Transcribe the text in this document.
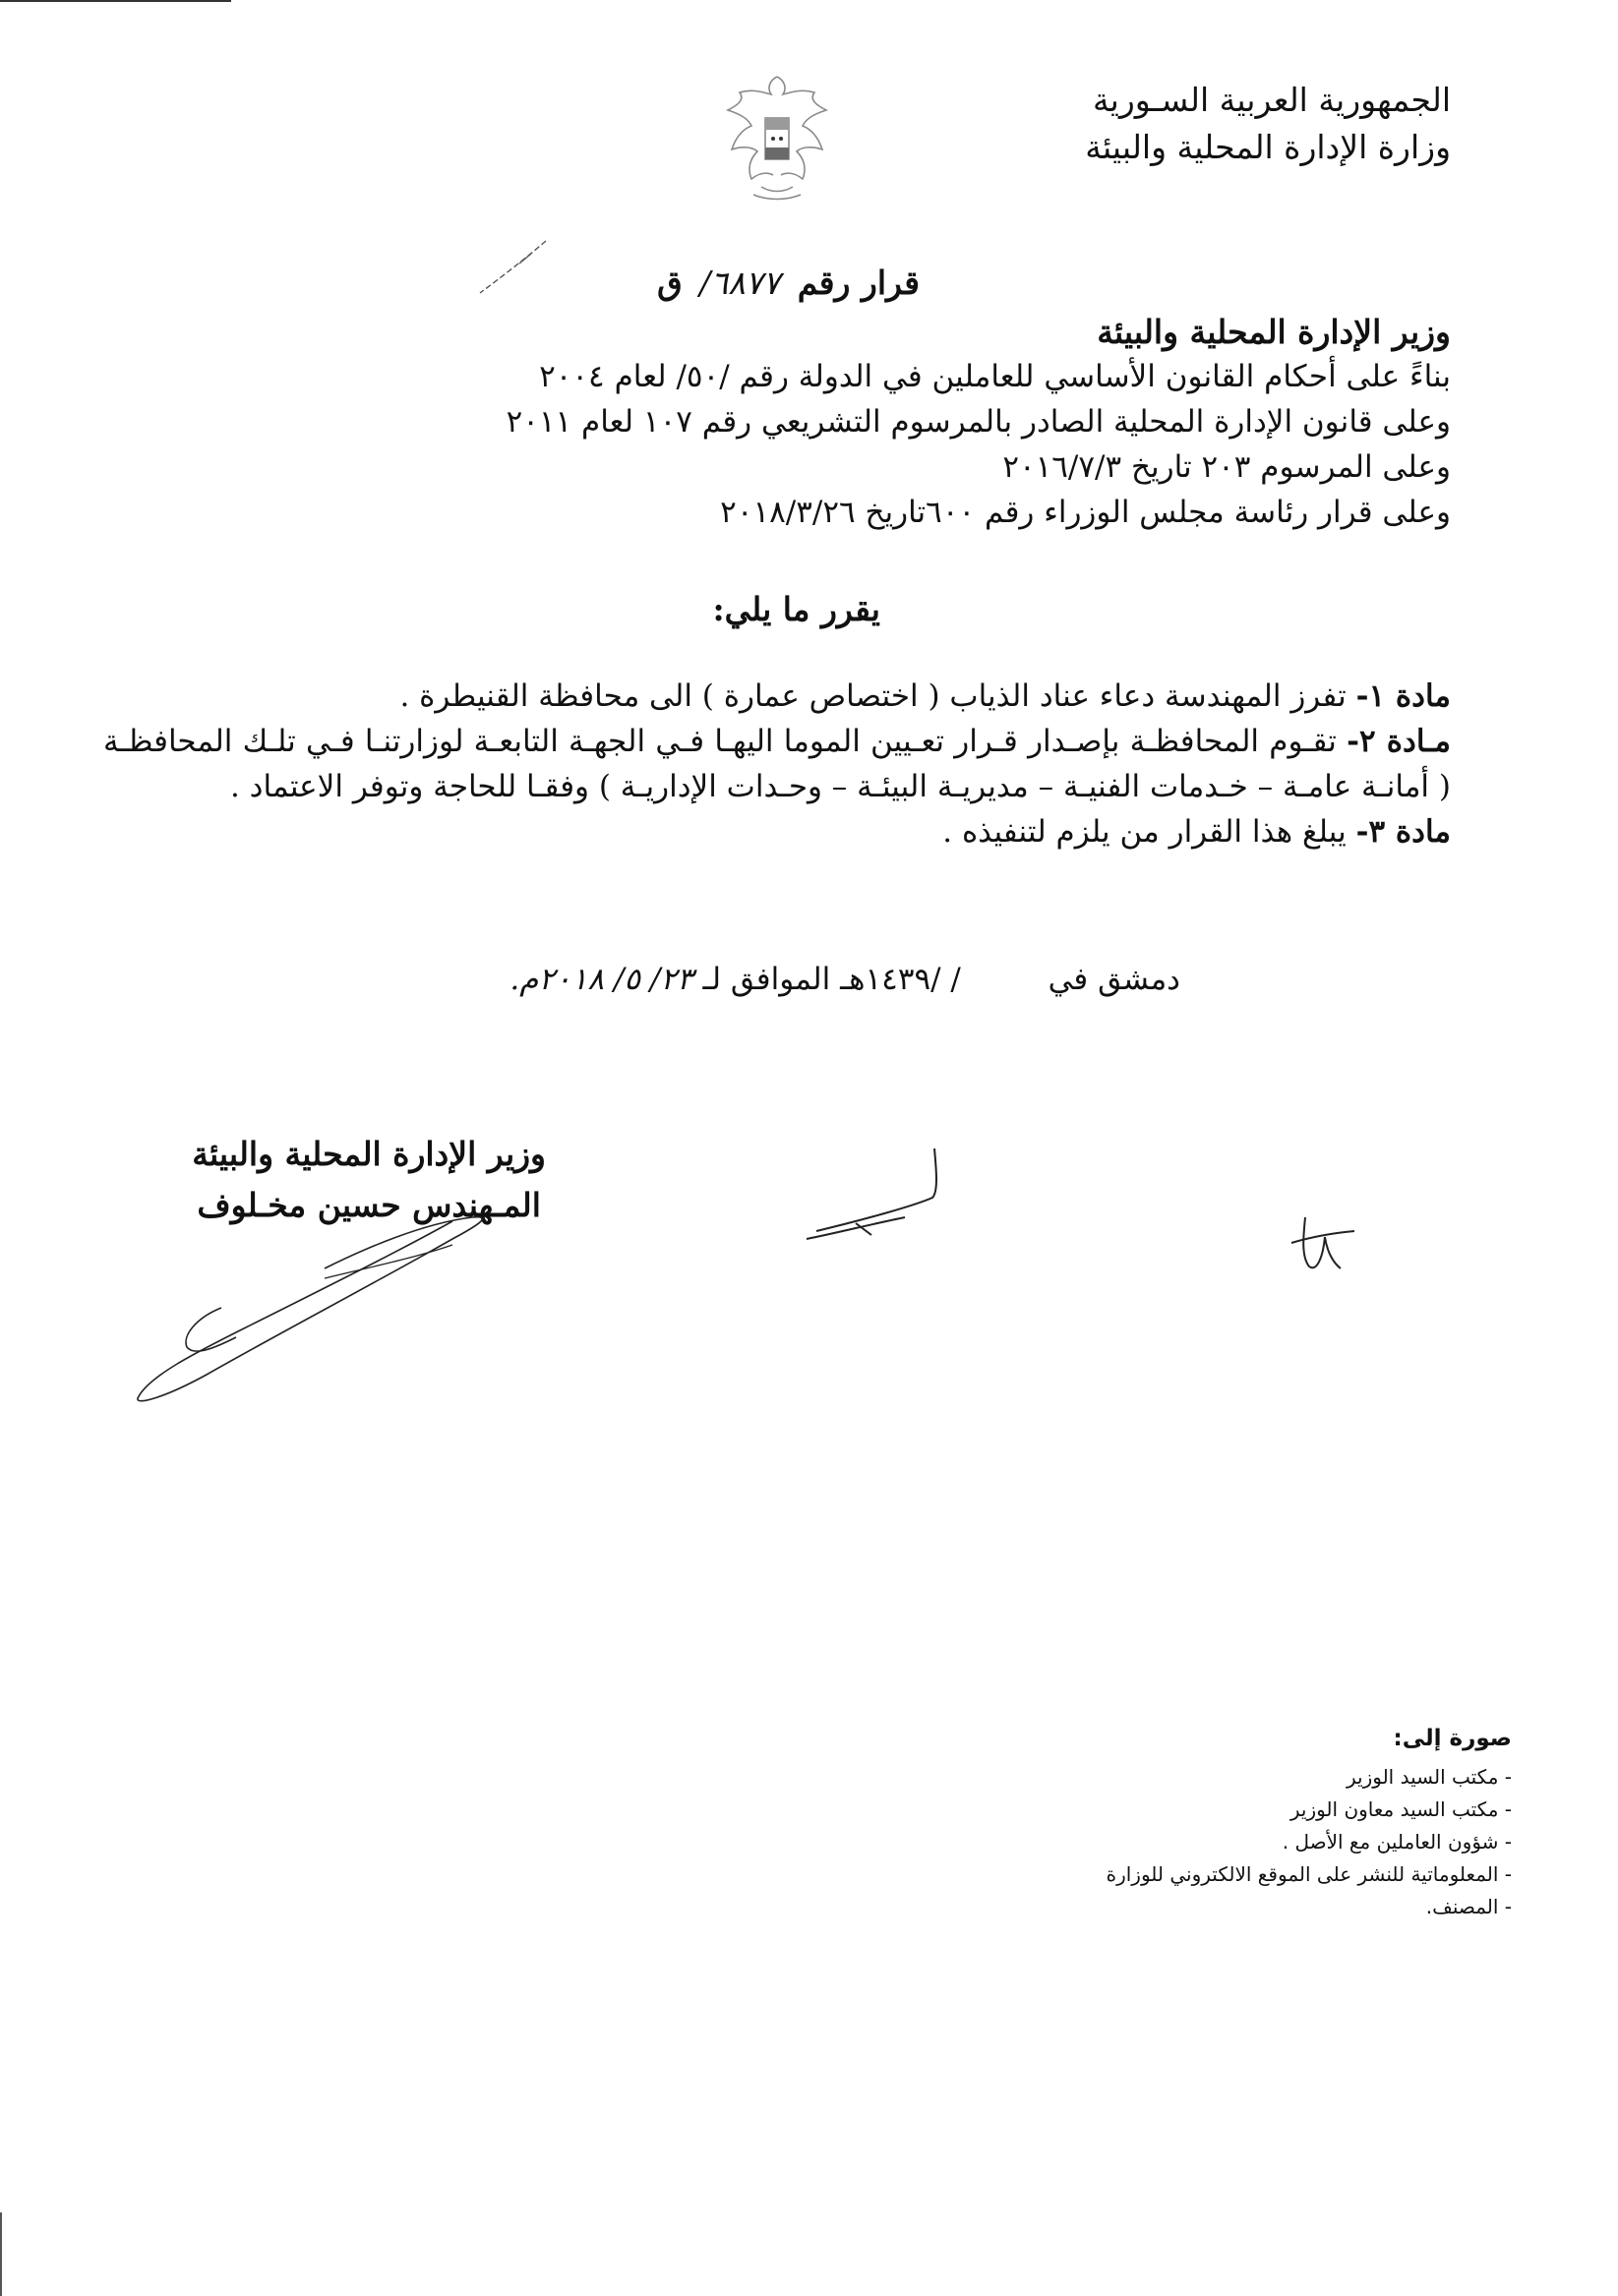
الجمهورية العربية السـورية
وزارة الإدارة المحلية والبيئة
قرار رقم ٦٨٧٧/ ق
وزير الإدارة المحلية والبيئة
بناءً على أحكام القانون الأساسي للعاملين في الدولة رقم /٥٠/ لعام ٢٠٠٤
وعلى قانون الإدارة المحلية الصادر بالمرسوم التشريعي رقم ١٠٧ لعام ٢٠١١
وعلى المرسوم ٢٠٣ تاريخ ٢٠١٦/٧/٣
وعلى قرار رئاسة مجلس الوزراء رقم ٦٠٠تاريخ ٢٠١٨/٣/٢٦
يقرر ما يلي:

مادة ١- تفرز المهندسة دعاء عناد الذياب ( اختصاص عمارة ) الى محافظة القنيطرة .

مـادة ٢- تقـوم المحافظـة بإصـدار قـرار تعـيين الموما اليهـا فـي الجهـة التابعـة لوزارتنـا فـي تلـك المحافظـة ( أمانـة عامـة – خـدمات الفنيـة – مديريـة البيئـة – وحـدات الإداريـة ) وفقـا للحاجة وتوفر الاعتماد .

مادة ٣- يبلغ هذا القرار من يلزم لتنفيذه .

دمشق في         / /١٤٣٩هـ الموافق لـ ٢٣/ ٥/ ٢٠١٨م.
وزير الإدارة المحلية والبيئة
المـهندس حسين مخـلوف
صورة إلى:
- مكتب السيد الوزير
- مكتب السيد معاون الوزير
- شؤون العاملين مع الأصل .
- المعلوماتية للنشر على الموقع الالكتروني للوزارة
- المصنف.
